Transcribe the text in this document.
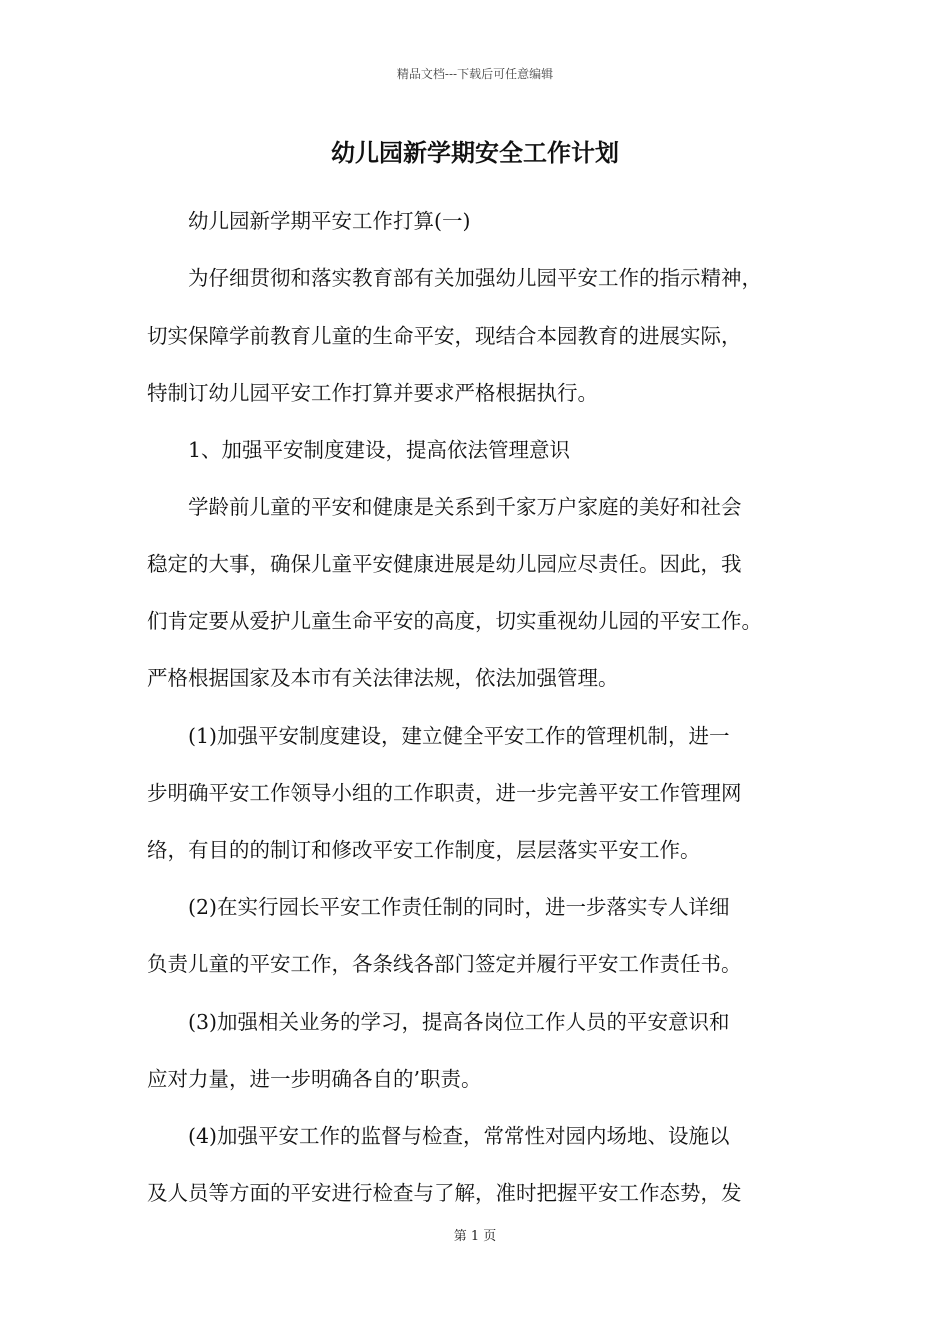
精品文档---下载后可任意编辑
幼儿园新学期安全工作计划

幼儿园新学期平安工作打算(一)

为仔细贯彻和落实教育部有关加强幼儿园平安工作的指示精神，

切实保障学前教育儿童的生命平安，现结合本园教育的进展实际，

特制订幼儿园平安工作打算并要求严格根据执行。

1、加强平安制度建设，提高依法管理意识

学龄前儿童的平安和健康是关系到千家万户家庭的美好和社会

稳定的大事，确保儿童平安健康进展是幼儿园应尽责任。因此，我

们肯定要从爱护儿童生命平安的高度，切实重视幼儿园的平安工作。

严格根据国家及本市有关法律法规，依法加强管理。

(1)加强平安制度建设，建立健全平安工作的管理机制，进一

步明确平安工作领导小组的工作职责，进一步完善平安工作管理网

络，有目的的制订和修改平安工作制度，层层落实平安工作。

(2)在实行园长平安工作责任制的同时，进一步落实专人详细

负责儿童的平安工作，各条线各部门签定并履行平安工作责任书。

(3)加强相关业务的学习，提高各岗位工作人员的平安意识和

应对力量，进一步明确各自的’职责。

(4)加强平安工作的监督与检查，常常性对园内场地、设施以

及人员等方面的平安进行检查与了解，准时把握平安工作态势，发

第 1 页
